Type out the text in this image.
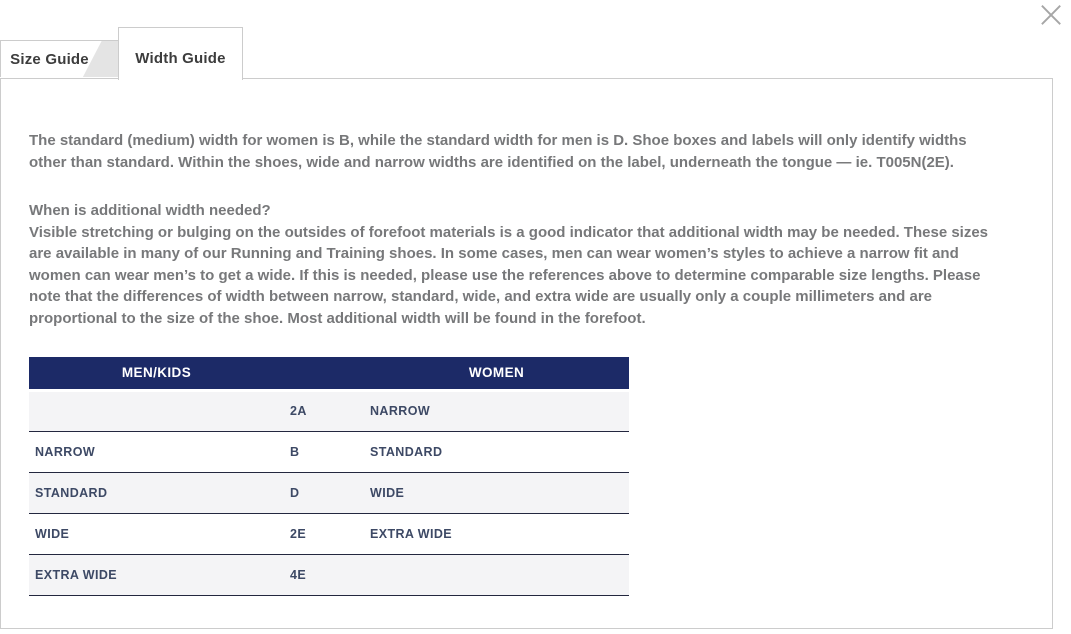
×
Size Guide	Width Guide

The standard (medium) width for women is B, while the standard width for men is D. Shoe boxes and labels will only identify widths other than standard. Within the shoes, wide and narrow widths are identified on the label, underneath the tongue — ie. T005N(2E).

When is additional width needed?
Visible stretching or bulging on the outsides of forefoot materials is a good indicator that additional width may be needed. These sizes are available in many of our Running and Training shoes. In some cases, men can wear women’s styles to achieve a narrow fit and women can wear men’s to get a wide. If this is needed, please use the references above to determine comparable size lengths. Please note that the differences of width between narrow, standard, wide, and extra wide are usually only a couple millimeters and are proportional to the size of the shoe. Most additional width will be found in the forefoot.
MEN/KIDS		WOMEN
	2A	NARROW
NARROW	B	STANDARD
STANDARD	D	WIDE
WIDE	2E	EXTRA WIDE
EXTRA WIDE	4E	
